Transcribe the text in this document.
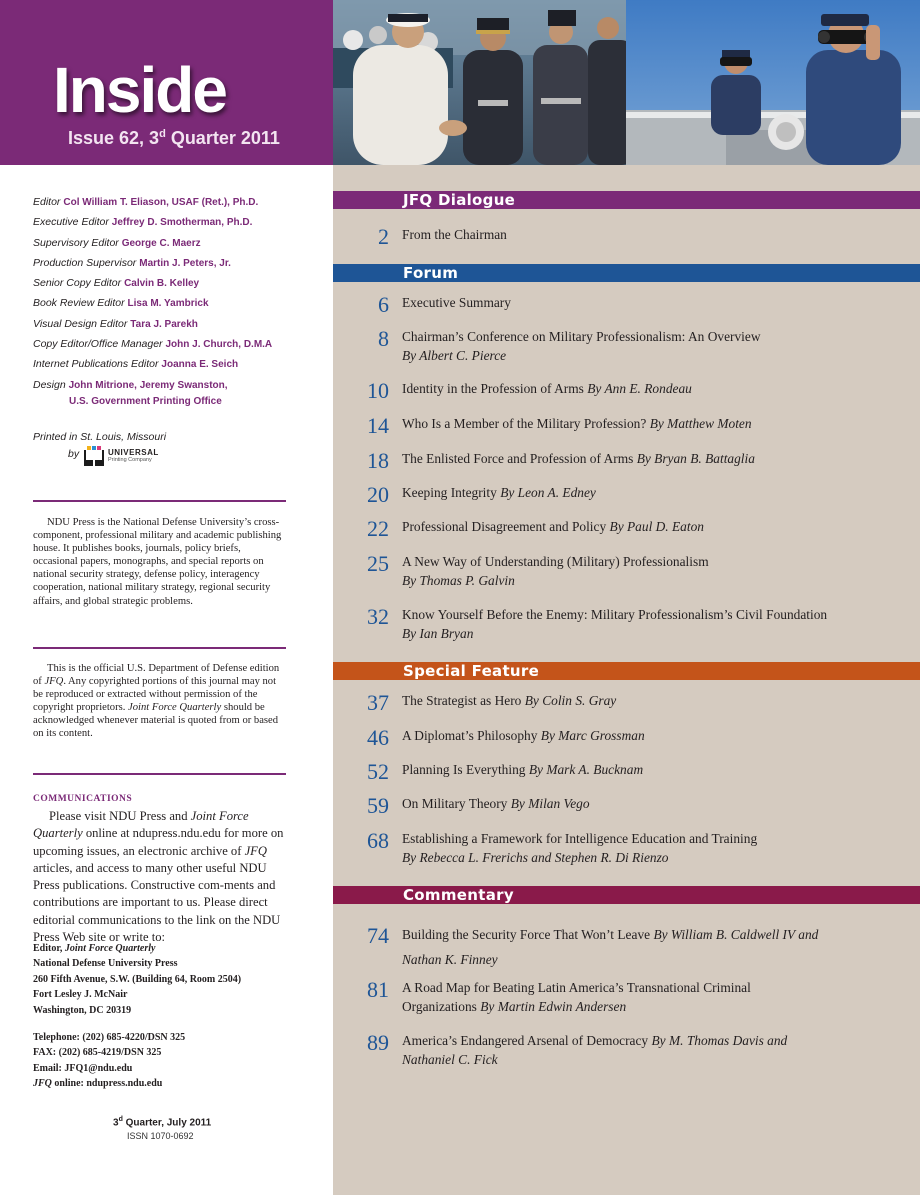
Inside
Issue 62, 3$^d$ Quarter 2011
Editor Col William T. Eliason, USAF (Ret.), Ph.D.
Executive Editor Jeffrey D. Smotherman, Ph.D.
Supervisory Editor George C. Maerz
Production Supervisor Martin J. Peters, Jr.
Senior Copy Editor Calvin B. Kelley
Book Review Editor Lisa M. Yambrick
Visual Design Editor Tara J. Parekh
Copy Editor/Office Manager John J. Church, D.M.A
Internet Publications Editor Joanna E. Seich
Design John Mitrione, Jeremy Swanston,
U.S. Government Printing Office
Printed in St. Louis, Missouri
by	UNIVERSAL
Printing Company
NDU Press is the National Defense University’s cross-component, professional military and academic publishing house. It publishes books, journals, policy briefs, occasional papers, monographs, and special reports on national security strategy, defense policy, interagency cooperation, national military strategy, regional security affairs, and global strategic problems.
This is the official U.S. Department of Defense edition of JFQ. Any copyrighted portions of this journal may not be reproduced or extracted without permission of the copyright proprietors. Joint Force Quarterly should be acknowledged whenever material is quoted from or based on its content.
COMMUNICATIONS
Please visit NDU Press and Joint Force Quarterly online at ndupress.ndu.edu for more on upcoming issues, an electronic archive of JFQ articles, and access to many other useful NDU Press publications. Constructive com-ments and contributions are important to us. Please direct editorial communications to the link on the NDU Press Web site or write to:
Editor, Joint Force Quarterly
National Defense University Press
260 Fifth Avenue, S.W. (Building 64, Room 2504)
Fort Lesley J. McNair
Washington, DC 20319
Telephone: (202) 685-4220/DSN 325
FAX: (202) 685-4219/DSN 325
Email: JFQ1@ndu.edu
JFQ online: ndupress.ndu.edu
3$^d$ Quarter, July 2011
ISSN 1070-0692
JFQ Dialogue
2 From the Chairman
Forum
6 Executive Summary
8 Chairman’s Conference on Military Professionalism: An Overview
By Albert C. Pierce
10 Identity in the Profession of Arms By Ann E. Rondeau
14 Who Is a Member of the Military Profession? By Matthew Moten
18 The Enlisted Force and Profession of Arms By Bryan B. Battaglia
20 Keeping Integrity By Leon A. Edney
22 Professional Disagreement and Policy By Paul D. Eaton
25 A New Way of Understanding (Military) Professionalism
By Thomas P. Galvin
32 Know Yourself Before the Enemy: Military Professionalism’s Civil Foundation By Ian Bryan
Special Feature
37 The Strategist as Hero By Colin S. Gray
46 A Diplomat’s Philosophy By Marc Grossman
52 Planning Is Everything By Mark A. Bucknam
59 On Military Theory By Milan Vego
68 Establishing a Framework for Intelligence Education and Training
By Rebecca L. Frerichs and Stephen R. Di Rienzo
Commentary
74 Building the Security Force That Won’t Leave By William B. Caldwell IV and Nathan K. Finney
81 A Road Map for Beating Latin America’s Transnational Criminal Organizations By Martin Edwin Andersen
89 America’s Endangered Arsenal of Democracy By M. Thomas Davis and Nathaniel C. Fick
